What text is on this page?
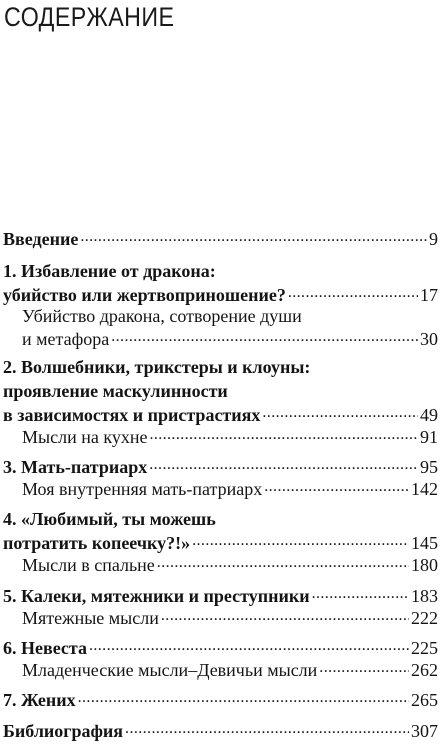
СОДЕРЖАНИЕ
Введение .....	9
1. Избавление от дракона:
убийство или жертвоприношение? .....	17
Убийство дракона, сотворение души
и метафора .....	30
2. Волшебники, трикстеры и клоуны:
проявление маскулинности
в зависимостях и пристрастиях .....	49
Мысли на кухне .....	91
3. Мать-патриарх .....	95
Моя внутренняя мать-патриарх .....	142
4. «Любимый, ты можешь
потратить копеечку?!» .....	145
Мысли в спальне .....	180
5. Калеки, мятежники и преступники .....	183
Мятежные мысли .....	222
6. Невеста .....	225
Младенческие мысли–Девичьи мысли .....	262
7. Жених .....	265
Библиография .....	307
